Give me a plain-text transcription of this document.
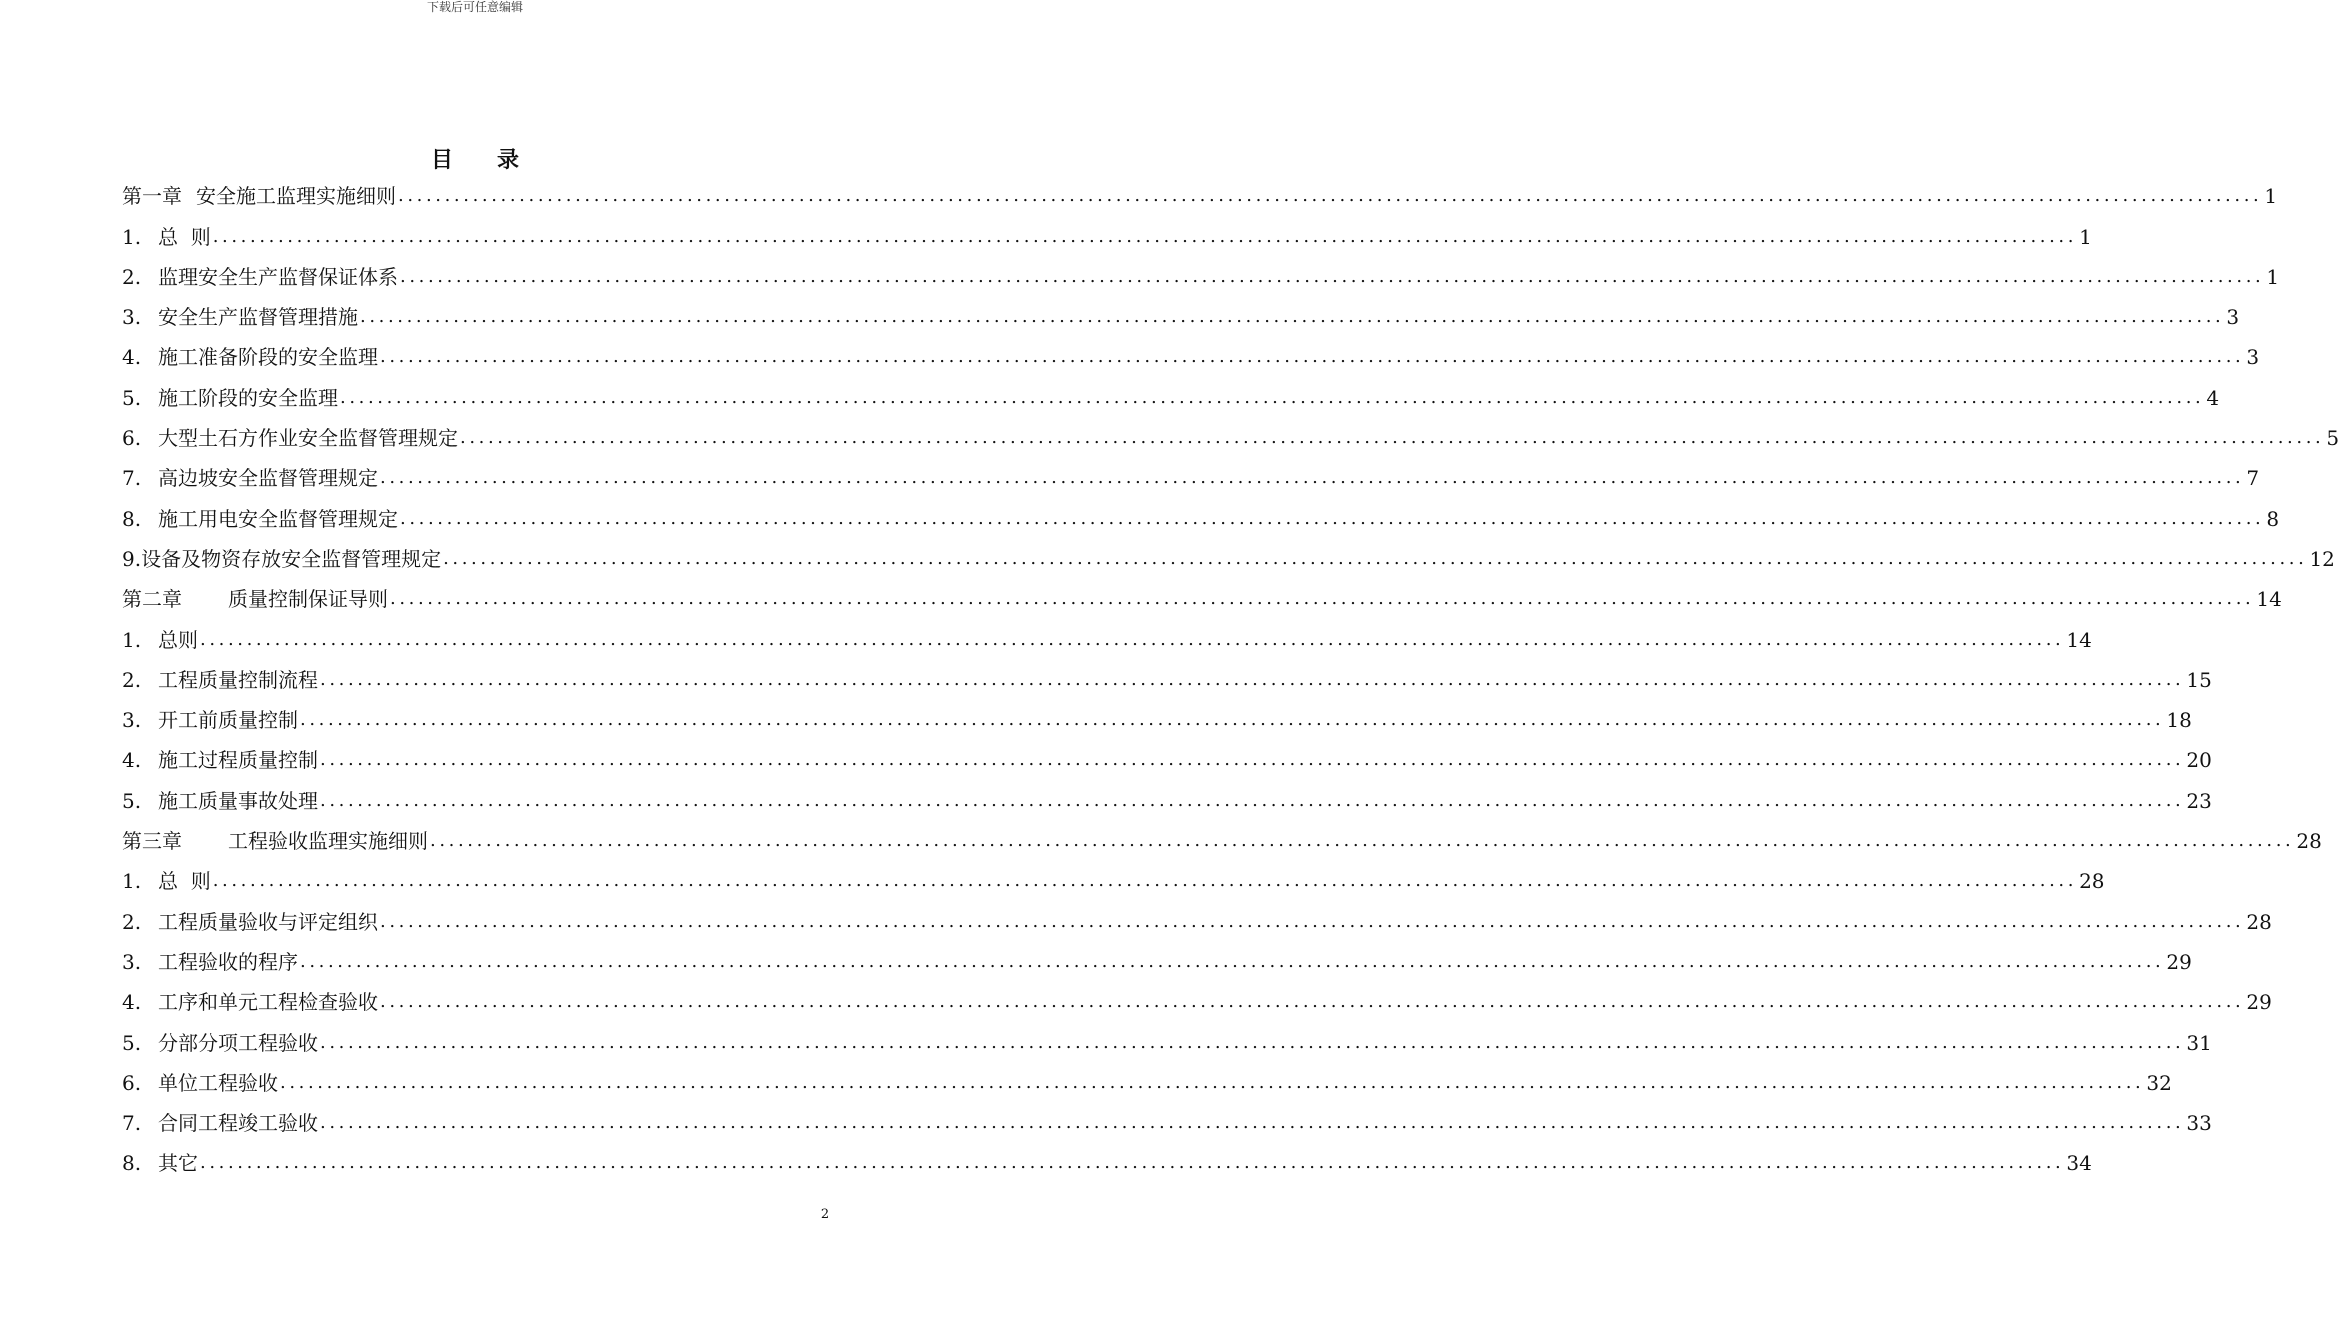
下载后可任意编辑
目 录
第一章 安全施工监理实施细则 ........................................................................................................................................................................................................ 1
1. 总  则 ........................................................................................................................................................................................................ 1
2. 监理安全生产监督保证体系 ........................................................................................................................................................................................................ 1
3. 安全生产监督管理措施 ........................................................................................................................................................................................................ 3
4. 施工准备阶段的安全监理 ........................................................................................................................................................................................................ 3
5. 施工阶段的安全监理 ........................................................................................................................................................................................................ 4
6. 大型土石方作业安全监督管理规定 ........................................................................................................................................................................................................ 5
7. 高边坡安全监督管理规定 ........................................................................................................................................................................................................ 7
8. 施工用电安全监督管理规定 ........................................................................................................................................................................................................ 8
9.设备及物资存放安全监督管理规定 ........................................................................................................................................................................................................ 12
第二章 质量控制保证导则 ........................................................................................................................................................................................................ 14
1. 总则 ........................................................................................................................................................................................................ 14
2. 工程质量控制流程 ........................................................................................................................................................................................................ 15
3. 开工前质量控制 ........................................................................................................................................................................................................ 18
4. 施工过程质量控制 ........................................................................................................................................................................................................ 20
5. 施工质量事故处理 ........................................................................................................................................................................................................ 23
第三章 工程验收监理实施细则 ........................................................................................................................................................................................................ 28
1. 总  则 ........................................................................................................................................................................................................ 28
2. 工程质量验收与评定组织 ........................................................................................................................................................................................................ 28
3. 工程验收的程序 ........................................................................................................................................................................................................ 29
4. 工序和单元工程检查验收 ........................................................................................................................................................................................................ 29
5. 分部分项工程验收 ........................................................................................................................................................................................................ 31
6. 单位工程验收 ........................................................................................................................................................................................................ 32
7. 合同工程竣工验收 ........................................................................................................................................................................................................ 33
8. 其它 ........................................................................................................................................................................................................ 34
2
